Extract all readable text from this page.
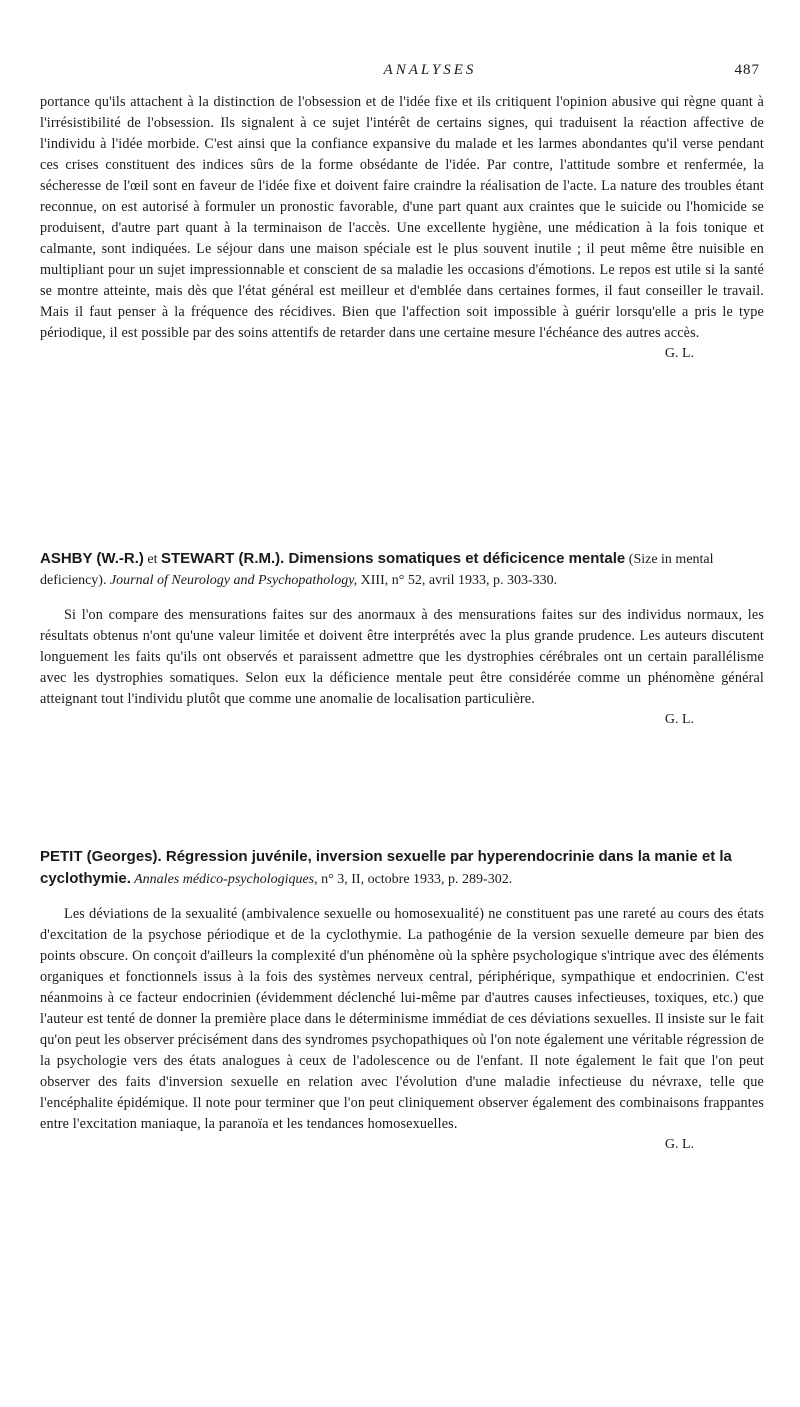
ANALYSES	487

portance qu'ils attachent à la distinction de l'obsession et de l'idée fixe et ils critiquent l'opinion abusive qui règne quant à l'irrésistibilité de l'obsession. Ils signalent à ce sujet l'intérêt de certains signes, qui traduisent la réaction affective de l'individu à l'idée morbide. C'est ainsi que la confiance expansive du malade et les larmes abondantes qu'il verse pendant ces crises constituent des indices sûrs de la forme obsédante de l'idée. Par contre, l'attitude sombre et renfermée, la sécheresse de l'œil sont en faveur de l'idée fixe et doivent faire craindre la réalisation de l'acte. La nature des troubles étant reconnue, on est autorisé à formuler un pronostic favorable, d'une part quant aux craintes que le suicide ou l'homicide se produisent, d'autre part quant à la terminaison de l'accès. Une excellente hygiène, une médication à la fois tonique et calmante, sont indiquées. Le séjour dans une maison spéciale est le plus souvent inutile ; il peut même être nuisible en multipliant pour un sujet impressionnable et conscient de sa maladie les occasions d'émotions. Le repos est utile si la santé se montre atteinte, mais dès que l'état général est meilleur et d'emblée dans certaines formes, il faut conseiller le travail. Mais il faut penser à la fréquence des récidives. Bien que l'affection soit impossible à guérir lorsqu'elle a pris le type périodique, il est possible par des soins attentifs de retarder dans une certaine mesure l'échéance des autres accès.

G. L.

ASHBY (W.-R.) et STEWART (R.M.). Dimensions somatiques et déficicence mentale (Size in mental deficiency). Journal of Neurology and Psychopathology, XIII, n° 52, avril 1933, p. 303-330.

Si l'on compare des mensurations faites sur des anormaux à des mensurations faites sur des individus normaux, les résultats obtenus n'ont qu'une valeur limitée et doivent être interprétés avec la plus grande prudence. Les auteurs discutent longuement les faits qu'ils ont observés et paraissent admettre que les dystrophies cérébrales ont un certain parallélisme avec les dystrophies somatiques. Selon eux la déficience mentale peut être considérée comme un phénomène général atteignant tout l'individu plutôt que comme une anomalie de localisation particulière.

G. L.

PETIT (Georges). Régression juvénile, inversion sexuelle par hyperendocrinie dans la manie et la cyclothymie. Annales médico-psychologiques, n° 3, II, octobre 1933, p. 289-302.

Les déviations de la sexualité (ambivalence sexuelle ou homosexualité) ne constituent pas une rareté au cours des états d'excitation de la psychose périodique et de la cyclothymie. La pathogénie de la version sexuelle demeure par bien des points obscure. On conçoit d'ailleurs la complexité d'un phénomène où la sphère psychologique s'intrique avec des éléments organiques et fonctionnels issus à la fois des systèmes nerveux central, périphérique, sympathique et endocrinien. C'est néanmoins à ce facteur endocrinien (évidemment déclenché lui-même par d'autres causes infectieuses, toxiques, etc.) que l'auteur est tenté de donner la première place dans le déterminisme immédiat de ces déviations sexuelles. Il insiste sur le fait qu'on peut les observer précisément dans des syndromes psychopathiques où l'on note également une véritable régression de la psychologie vers des états analogues à ceux de l'adolescence ou de l'enfant. Il note également le fait que l'on peut observer des faits d'inversion sexuelle en relation avec l'évolution d'une maladie infectieuse du névraxe, telle que l'encéphalite épidémique. Il note pour terminer que l'on peut cliniquement observer également des combinaisons frappantes entre l'excitation maniaque, la paranoïa et les tendances homosexuelles.

G. L.
